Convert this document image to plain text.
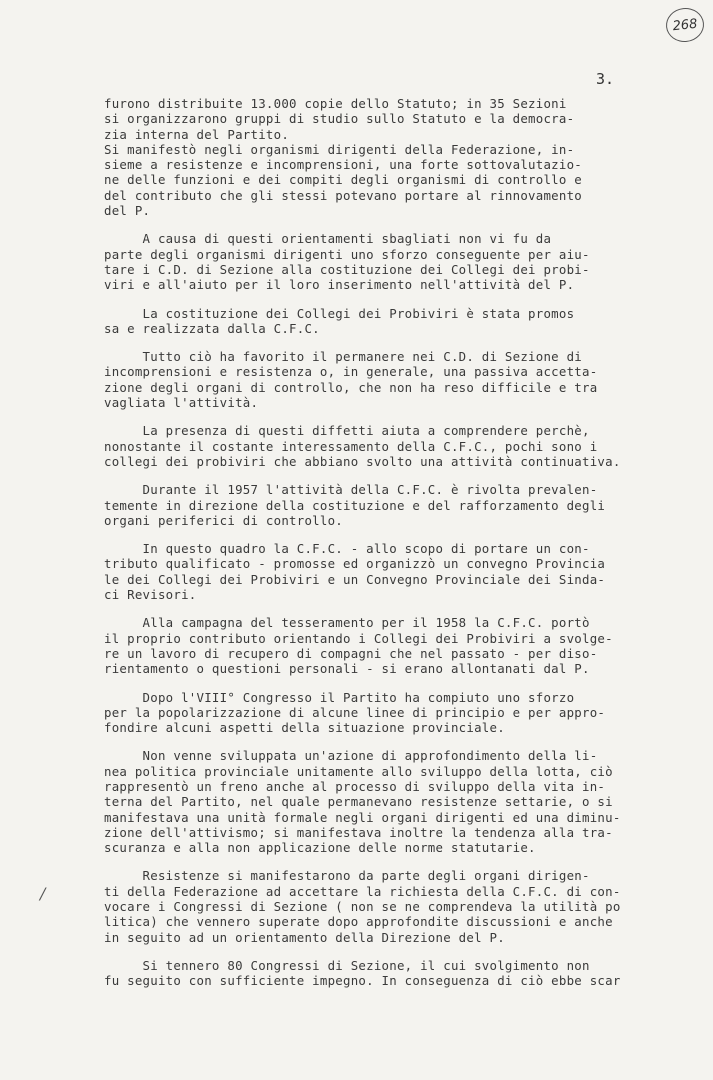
268
3.
/
furono distribuite 13.000 copie dello Statuto; in 35 Sezioni
si organizzarono gruppi di studio sullo Statuto e la democra-
zia interna del Partito.
Si manifestò negli organismi dirigenti della Federazione, in-
sieme a resistenze e incomprensioni, una forte sottovalutazio-
ne delle funzioni e dei compiti degli organismi di controllo e
del contributo che gli stessi potevano portare al rinnovamento
del P.
A causa di questi orientamenti sbagliati non vi fu da
parte degli organismi dirigenti uno sforzo conseguente per aiu-
tare i C.D. di Sezione alla costituzione dei Collegi dei probi-
viri e all'aiuto per il loro inserimento nell'attività del P.
La costituzione dei Collegi dei Probiviri è stata promos
sa e realizzata dalla C.F.C.
Tutto ciò ha favorito il permanere nei C.D. di Sezione di
incomprensioni e resistenza o, in generale, una passiva accetta-
zione degli organi di controllo, che non ha reso difficile e tra
vagliata l'attività.
La presenza di questi diffetti aiuta a comprendere perchè,
nonostante il costante interessamento della C.F.C., pochi sono i
collegi dei probiviri che abbiano svolto una attività continuativa.
Durante il 1957 l'attività della C.F.C. è rivolta prevalen-
temente in direzione della costituzione e del rafforzamento degli
organi periferici di controllo.
In questo quadro la C.F.C. - allo scopo di portare un con-
tributo qualificato - promosse ed organizzò un convegno Provincia
le dei Collegi dei Probiviri e un Convegno Provinciale dei Sinda-
ci Revisori.
Alla campagna del tesseramento per il 1958 la C.F.C. portò
il proprio contributo orientando i Collegi dei Probiviri a svolge-
re un lavoro di recupero di compagni che nel passato - per diso-
rientamento o questioni personali - si erano allontanati dal P.
Dopo l'VIII° Congresso il Partito ha compiuto uno sforzo
per la popolarizzazione di alcune linee di principio e per appro-
fondire alcuni aspetti della situazione provinciale.
Non venne sviluppata un'azione di approfondimento della li-
nea politica provinciale unitamente allo sviluppo della lotta, ciò
rappresentò un freno anche al processo di sviluppo della vita in-
terna del Partito, nel quale permanevano resistenze settarie, o si
manifestava una unità formale negli organi dirigenti ed una diminu-
zione dell'attivismo; si manifestava inoltre la tendenza alla tra-
scuranza e alla non applicazione delle norme statutarie.
Resistenze si manifestarono da parte degli organi dirigen-
ti della Federazione ad accettare la richiesta della C.F.C. di con-
vocare i Congressi di Sezione ( non se ne comprendeva la utilità po
litica) che vennero superate dopo approfondite discussioni e anche
in seguito ad un orientamento della Direzione del P.
Si tennero 80 Congressi di Sezione, il cui svolgimento non
fu seguito con sufficiente impegno. In conseguenza di ciò ebbe scar
